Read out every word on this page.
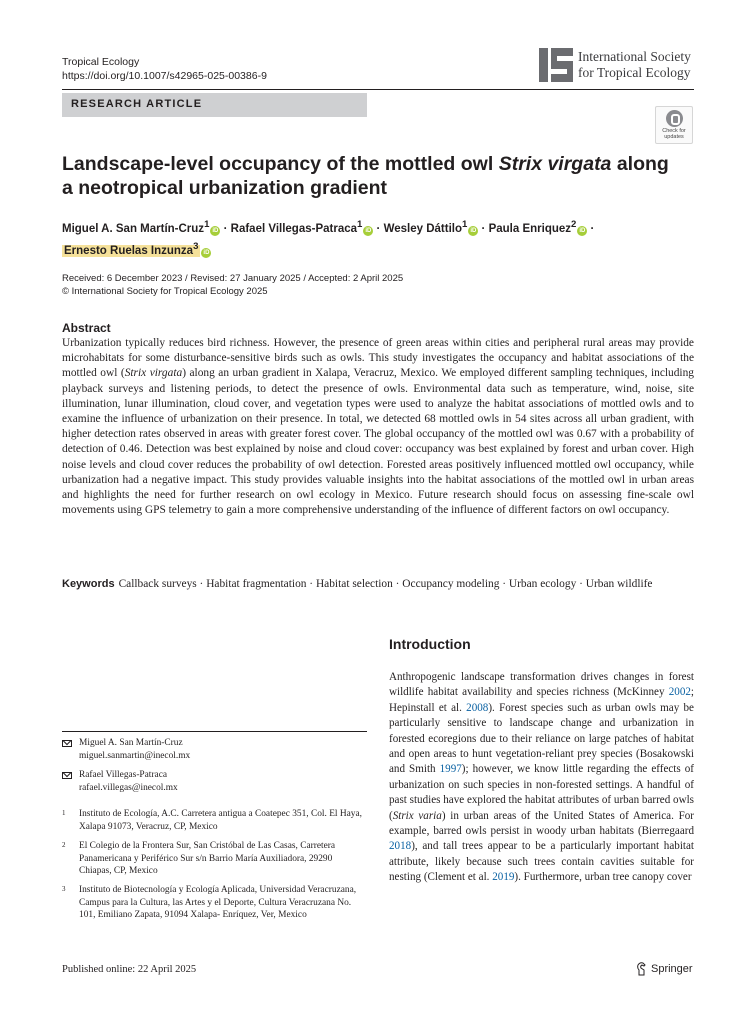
Tropical Ecology
https://doi.org/10.1007/s42965-025-00386-9
International Society
for Tropical Ecology
RESEARCH ARTICLE
Check for
updates
Landscape-level occupancy of the mottled owl Strix virgata along a neotropical urbanization gradient
Miguel A. San Martín-Cruz$^1$iD · Rafael Villegas-Patraca$^1$iD · Wesley Dáttilo$^1$iD · Paula Enriquez$^2$iD ·
Ernesto Ruelas Inzunza$^3$iD
Received: 6 December 2023 / Revised: 27 January 2025 / Accepted: 2 April 2025
© International Society for Tropical Ecology 2025
Abstract

Urbanization typically reduces bird richness. However, the presence of green areas within cities and peripheral rural areas may provide microhabitats for some disturbance-sensitive birds such as owls. This study investigates the occupancy and habitat associations of the mottled owl (Strix virgata) along an urban gradient in Xalapa, Veracruz, Mexico. We employed different sampling techniques, including playback surveys and listening periods, to detect the presence of owls. Environmental data such as temperature, wind, noise, site illumination, lunar illumination, cloud cover, and vegetation types were used to analyze the habitat associations of mottled owls and to examine the influence of urbanization on their presence. In total, we detected 68 mottled owls in 54 sites across all urban gradient, with higher detection rates observed in areas with greater forest cover. The global occupancy of the mottled owl was 0.67 with a probability of detection of 0.46. Detection was best explained by noise and cloud cover: occupancy was best explained by forest and urban cover. High noise levels and cloud cover reduces the probability of owl detection. Forested areas positively influenced mottled owl occupancy, while urbanization had a negative impact. This study provides valuable insights into the habitat associations of the mottled owl in urban areas and highlights the need for further research on owl ecology in Mexico. Future research should focus on assessing fine-scale owl movements using GPS telemetry to gain a more comprehensive understanding of the influence of different factors on owl occupancy.

Keywords Callback surveys · Habitat fragmentation · Habitat selection · Occupancy modeling · Urban ecology · Urban wildlife

Introduction

Anthropogenic landscape transformation drives changes in forest wildlife habitat availability and species richness (McKinney 2002; Hepinstall et al. 2008). Forest species such as urban owls may be particularly sensitive to landscape change and urbanization in forested ecoregions due to their reliance on large patches of habitat and open areas to hunt vegetation-reliant prey species (Bosakowski and Smith 1997); however, we know little regarding the effects of urbanization on such species in non-forested settings. A handful of past studies have explored the habitat attributes of urban barred owls (Strix varia) in urban areas of the United States of America. For example, barred owls persist in woody urban habitats (Bierregaard 2018), and tall trees appear to be a particularly important habitat attribute, likely because such trees contain cavities suitable for nesting (Clement et al. 2019). Furthermore, urban tree canopy cover

Miguel A. San Martín-Cruz
miguel.sanmartin@inecol.mx
Rafael Villegas-Patraca
rafael.villegas@inecol.mx
1	Instituto de Ecología, A.C. Carretera antigua a Coatepec 351, Col. El Haya, Xalapa 91073, Veracruz, CP, Mexico
2	El Colegio de la Frontera Sur, San Cristóbal de Las Casas, Carretera Panamericana y Periférico Sur s/n Barrio María Auxiliadora, 29290 Chiapas, CP, Mexico
3	Instituto de Biotecnología y Ecología Aplicada, Universidad Veracruzana, Campus para la Cultura, las Artes y el Deporte, Cultura Veracruzana No. 101, Emiliano Zapata, 91094 Xalapa- Enríquez, Ver, Mexico
Published online: 22 April 2025	Springer
